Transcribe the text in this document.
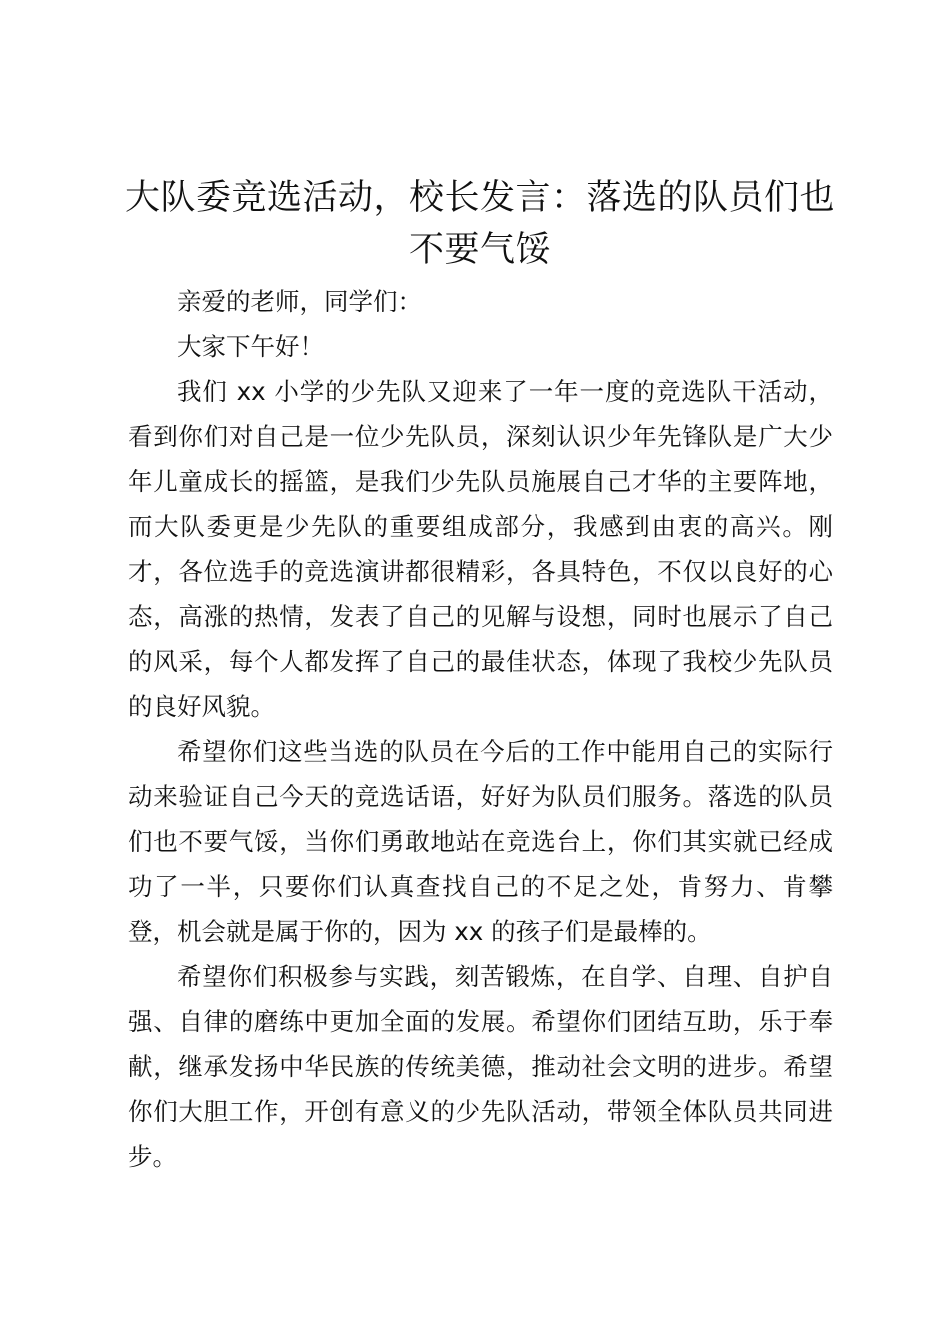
大队委竞选活动，校长发言：落选的队员们也不要气馁

亲爱的老师，同学们：

大家下午好！

我们 xx 小学的少先队又迎来了一年一度的竞选队干活动，看到你们对自己是一位少先队员，深刻认识少年先锋队是广大少年儿童成长的摇篮，是我们少先队员施展自己才华的主要阵地，而大队委更是少先队的重要组成部分，我感到由衷的高兴。刚才，各位选手的竞选演讲都很精彩，各具特色，不仅以良好的心态，高涨的热情，发表了自己的见解与设想，同时也展示了自己的风采，每个人都发挥了自己的最佳状态，体现了我校少先队员的良好风貌。

希望你们这些当选的队员在今后的工作中能用自己的实际行动来验证自己今天的竞选话语，好好为队员们服务。落选的队员们也不要气馁，当你们勇敢地站在竞选台上，你们其实就已经成功了一半，只要你们认真查找自己的不足之处，肯努力、肯攀登，机会就是属于你的，因为 xx 的孩子们是最棒的。

希望你们积极参与实践，刻苦锻炼，在自学、自理、自护自强、自律的磨练中更加全面的发展。希望你们团结互助，乐于奉献，继承发扬中华民族的传统美德，推动社会文明的进步。希望你们大胆工作，开创有意义的少先队活动，带领全体队员共同进步。
